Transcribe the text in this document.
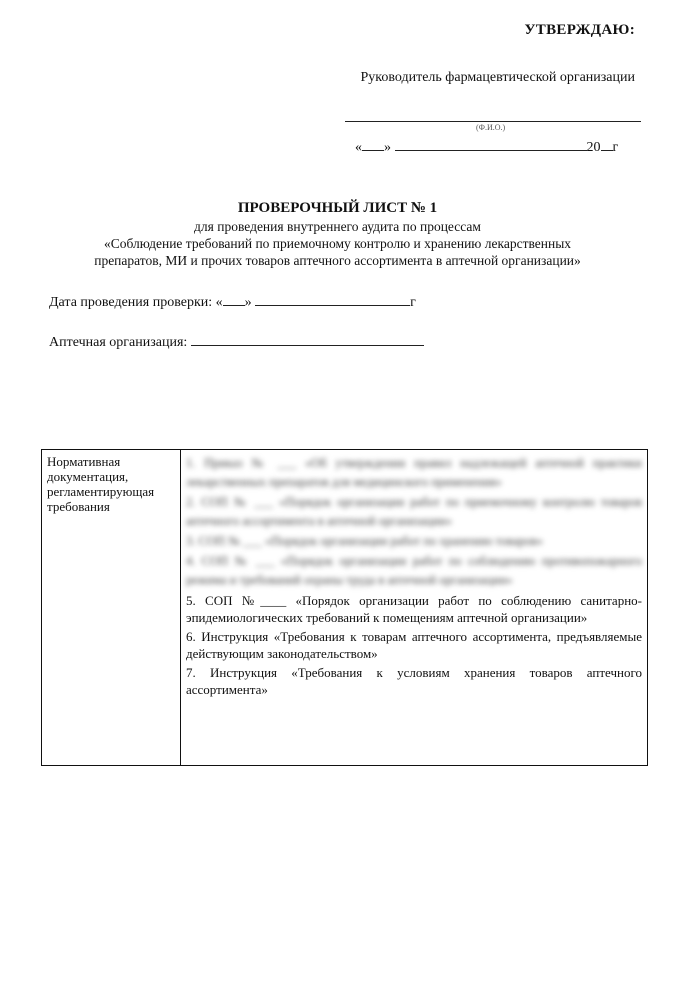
УТВЕРЖДАЮ:
Руководитель фармацевтической организации
(Ф.И.О.)
« »	20 г
ПРОВЕРОЧНЫЙ ЛИСТ № 1
для проведения внутреннего аудита по процессам
«Соблюдение требований по приемочному контролю и хранению лекарственных
препаратов, МИ и прочих товаров аптечного ассортимента в аптечной организации»
Дата проведения проверки: « »	г
Аптечная организация:
Нормативная документация, регламентирующая требования	
1. Приказ № ___ «Об утверждении правил надлежащей аптечной практики лекарственных препаратов для медицинского применения»
2. СОП № ___ «Порядок организации работ по приемочному контролю товаров аптечного ассортимента в аптечной организации»
3. СОП № ___ «Порядок организации работ по хранению товаров»
4. СОП № ___ «Порядок организации работ по соблюдению противопожарного режима и требований охраны труда в аптечной организации»
5. СОП №____ «Порядок организации работ по соблюдению санитарно-эпидемиологических требований к помещениям аптечной организации»
6. Инструкция «Требования к товарам аптечного ассортимента, предъявляемые действующим законодательством»
7. Инструкция «Требования к условиям хранения товаров аптечного ассортимента»
